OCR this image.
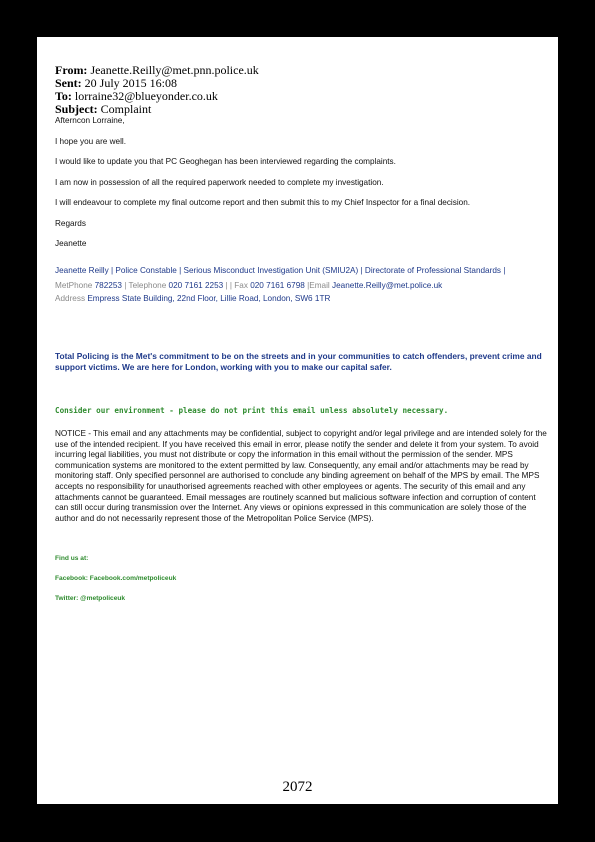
From: Jeanette.Reilly@met.pnn.police.uk
Sent: 20 July 2015 16:08
To: lorraine32@blueyonder.co.uk
Subject: Complaint
Afterncon Lorraine,
I hope you are well.
I would like to update you that PC Geoghegan has been interviewed regarding the complaints.
I am now in possession of all the required paperwork needed to complete my investigation.
I will endeavour to complete my final outcome report and then submit this to my Chief Inspector for a final decision.
Regards
Jeanette
Jeanette Reilly | Police Constable | Serious Misconduct Investigation Unit (SMIU2A) | Directorate of Professional Standards |
MetPhone 782253 | Telephone 020 7161 2253 | | Fax 020 7161 6798 |Email Jeanette.Reilly@met.police.uk
Address Empress State Building, 22nd Floor, Lillie Road, London, SW6 1TR
Total Policing is the Met's commitment to be on the streets and in your communities to catch offenders, prevent crime and support victims. We are here for London, working with you to make our capital safer.
Consider our environment - please do not print this email unless absolutely necessary.
NOTICE - This email and any attachments may be confidential, subject to copyright and/or legal privilege and are intended solely for the use of the intended recipient. If you have received this email in error, please notify the sender and delete it from your system. To avoid incurring legal liabilities, you must not distribute or copy the information in this email without the permission of the sender. MPS communication systems are monitored to the extent permitted by law. Consequently, any email and/or attachments may be read by monitoring staff. Only specified personnel are authorised to conclude any binding agreement on behalf of the MPS by email. The MPS accepts no responsibility for unauthorised agreements reached with other employees or agents. The security of this email and any attachments cannot be guaranteed. Email messages are routinely scanned but malicious software infection and corruption of content can still occur during transmission over the Internet. Any views or opinions expressed in this communication are solely those of the author and do not necessarily represent those of the Metropolitan Police Service (MPS).
Find us at:
Facebook: Facebook.com/metpoliceuk
Twitter: @metpoliceuk
2072
